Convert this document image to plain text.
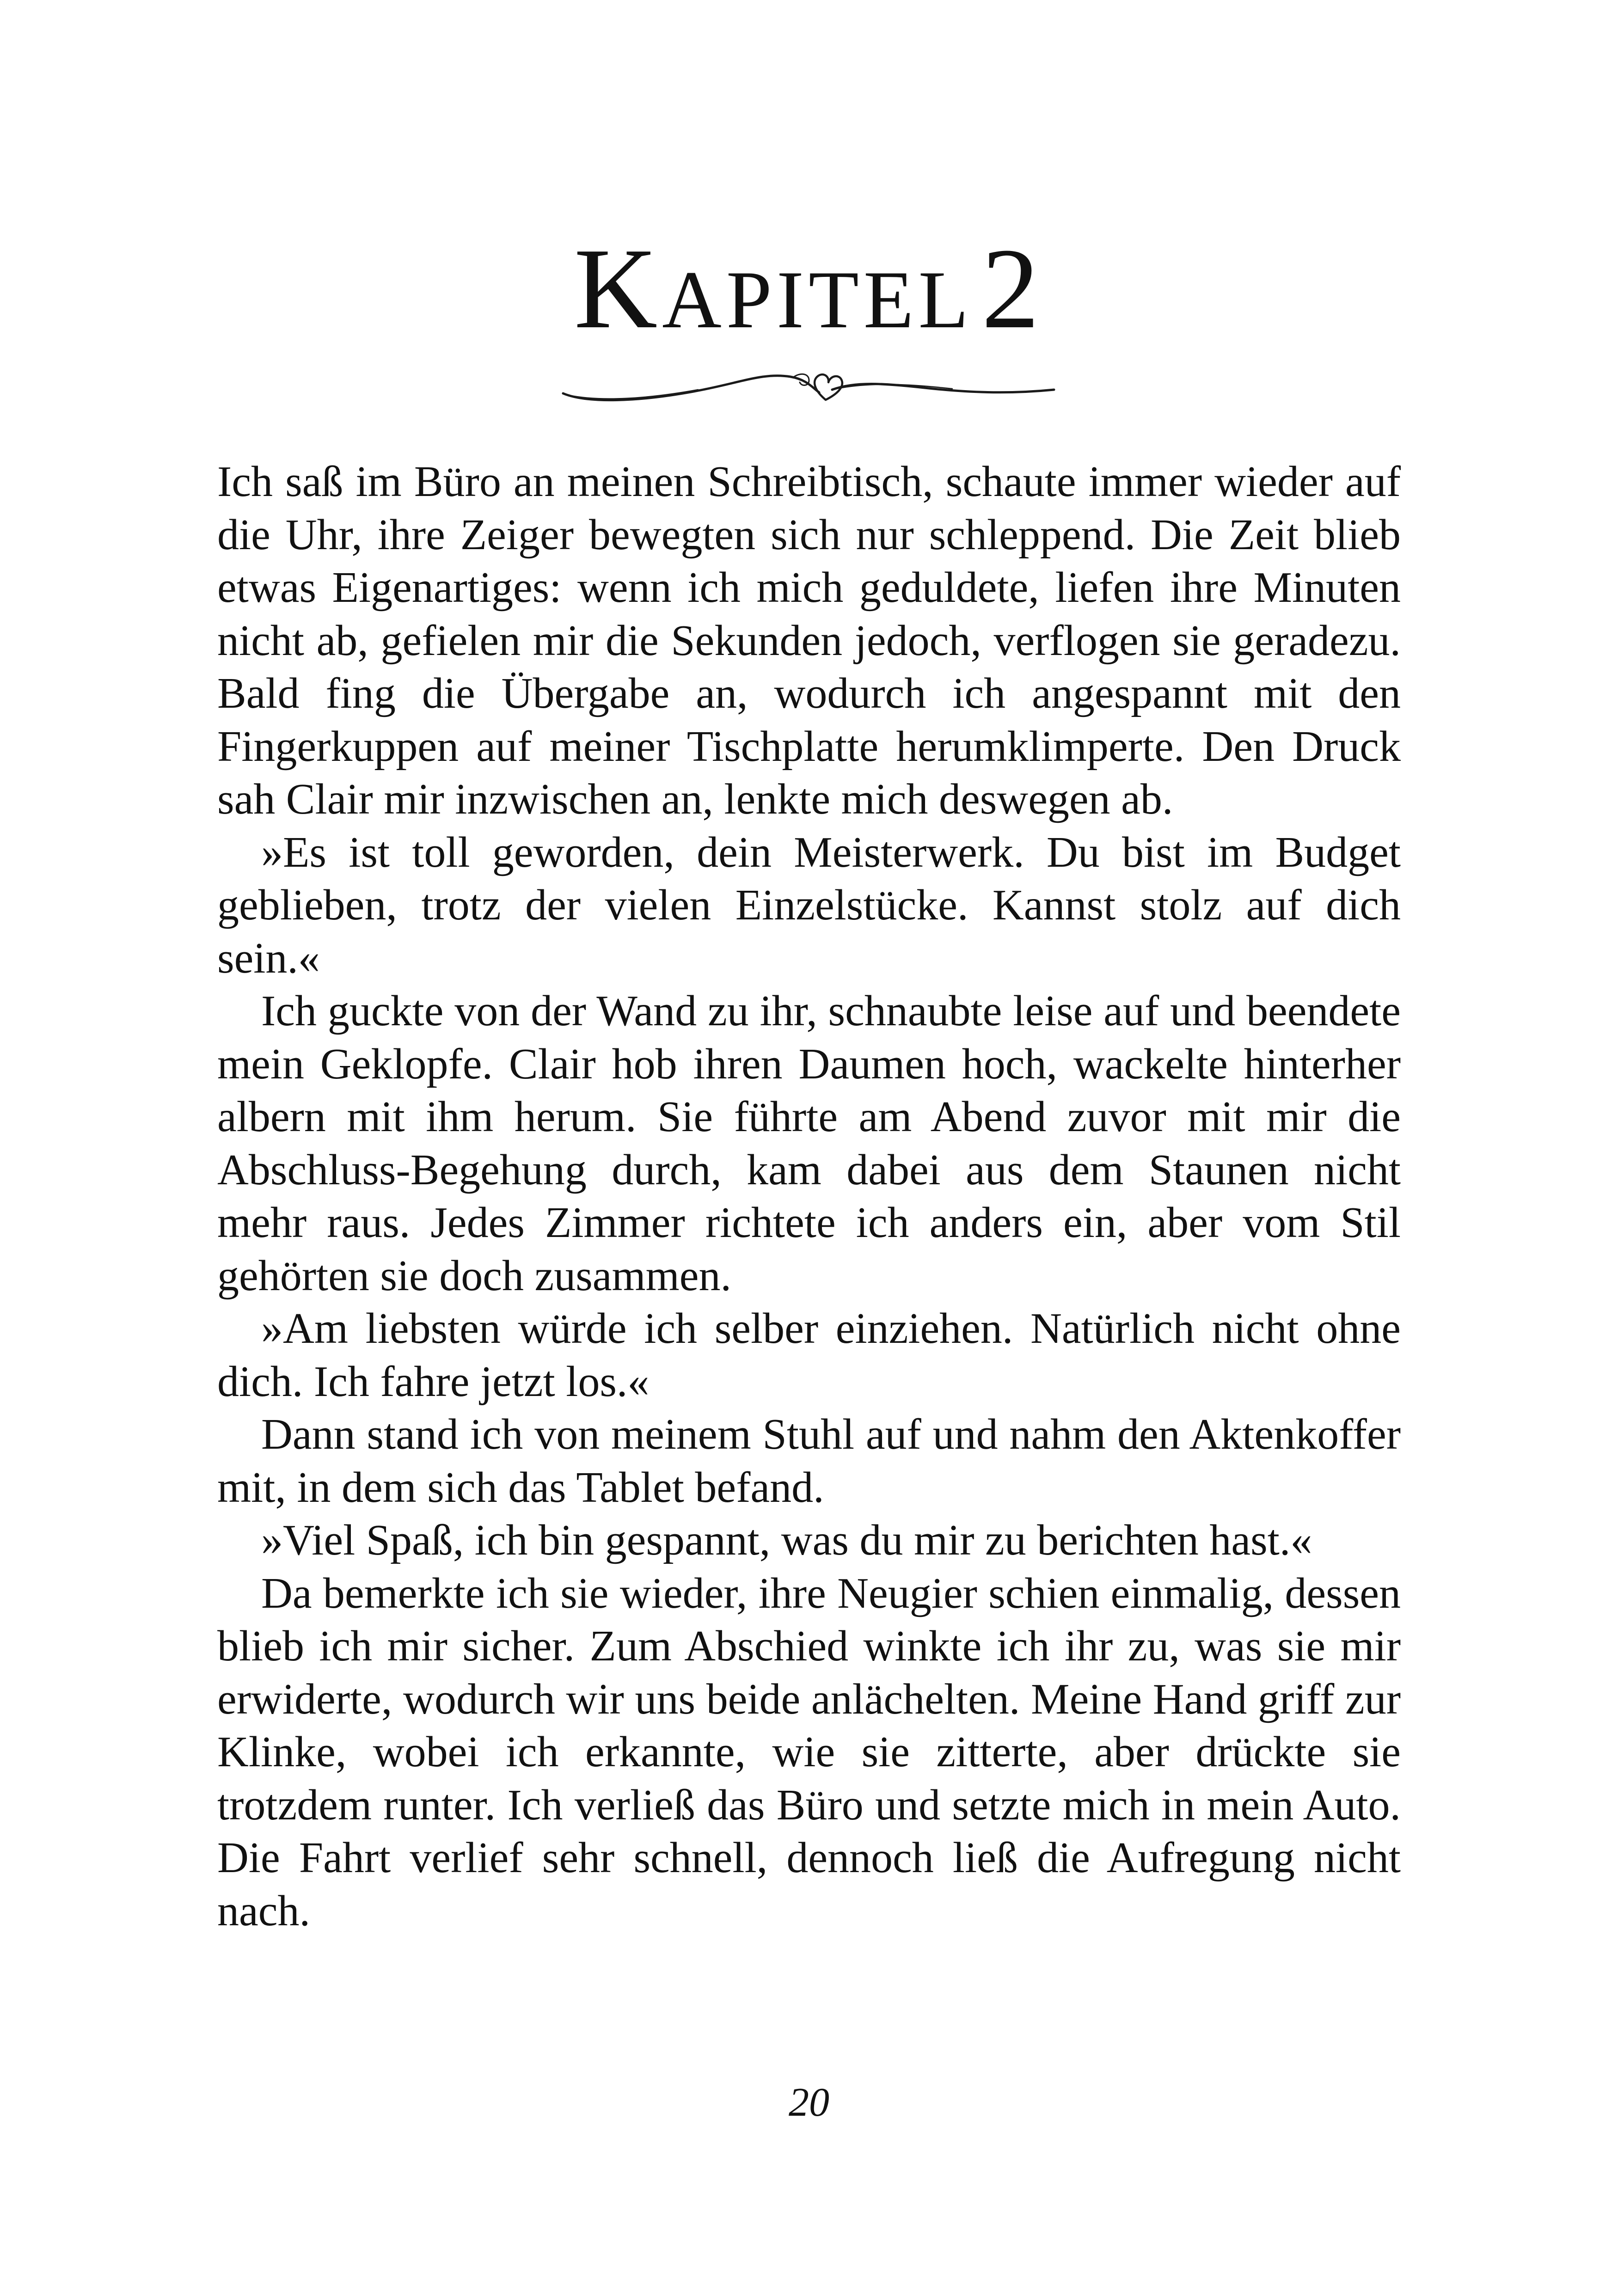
KAPITEL 2

Ich saß im Büro an meinen Schreibtisch, schaute immer wieder auf die Uhr, ihre Zeiger bewegten sich nur schleppend. Die Zeit blieb etwas Eigenartiges: wenn ich mich geduldete, liefen ihre Minuten nicht ab, gefielen mir die Sekunden jedoch, verflogen sie geradezu. Bald fing die Übergabe an, wodurch ich angespannt mit den Fingerkuppen auf meiner Tischplatte herumklimperte. Den Druck sah Clair mir inzwischen an, lenkte mich deswegen ab.

»Es ist toll geworden, dein Meisterwerk. Du bist im Budget geblieben, trotz der vielen Einzelstücke. Kannst stolz auf dich sein.«

Ich guckte von der Wand zu ihr, schnaubte leise auf und beendete mein Geklopfe. Clair hob ihren Daumen hoch, wackelte hinterher albern mit ihm herum. Sie führte am Abend zuvor mit mir die Abschluss-Begehung durch, kam dabei aus dem Staunen nicht mehr raus. Jedes Zimmer richtete ich anders ein, aber vom Stil gehörten sie doch zusammen.

»Am liebsten würde ich selber einziehen. Natürlich nicht ohne dich. Ich fahre jetzt los.«

Dann stand ich von meinem Stuhl auf und nahm den Aktenkoffer mit, in dem sich das Tablet befand.

»Viel Spaß, ich bin gespannt, was du mir zu berichten hast.«

Da bemerkte ich sie wieder, ihre Neugier schien einmalig, dessen blieb ich mir sicher. Zum Abschied winkte ich ihr zu, was sie mir erwiderte, wodurch wir uns beide anlächelten. Meine Hand griff zur Klinke, wobei ich erkannte, wie sie zitterte, aber drückte sie trotzdem runter. Ich verließ das Büro und setzte mich in mein Auto. Die Fahrt verlief sehr schnell, dennoch ließ die Aufregung nicht nach.

20
